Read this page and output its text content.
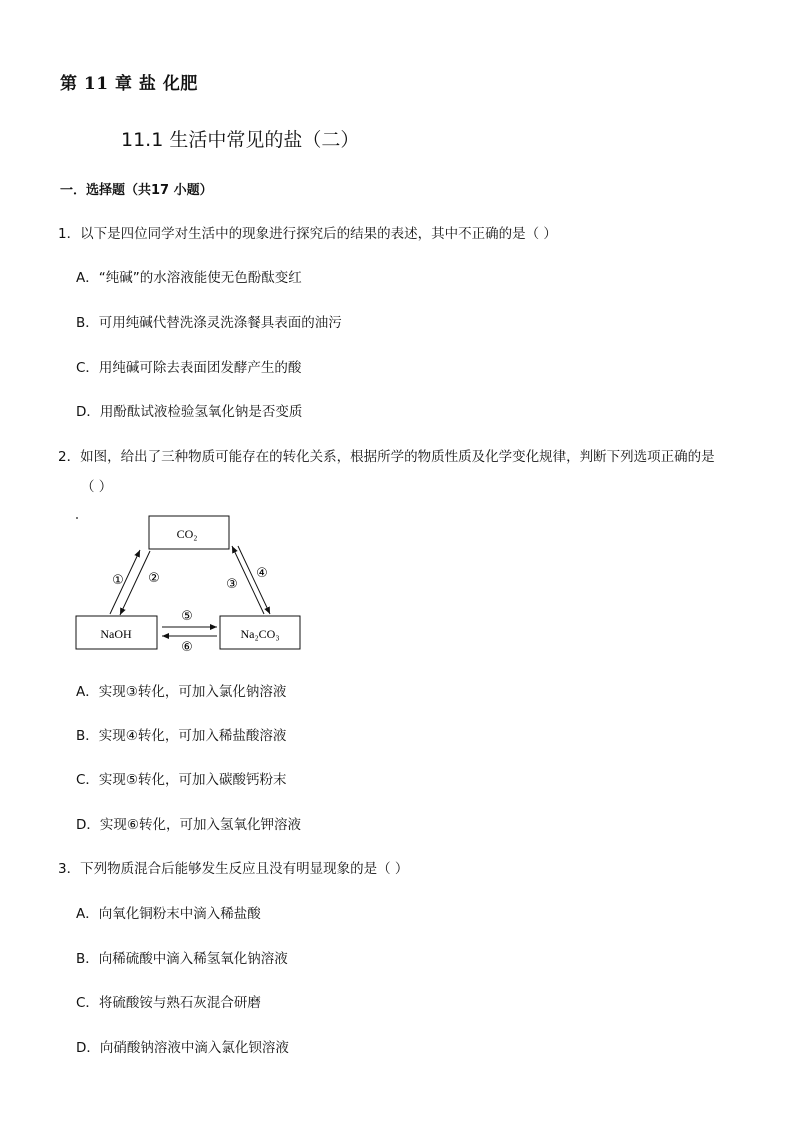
第 11 章 盐 化肥
11.1 生活中常见的盐（二）
一．选择题（共17 小题）
1．以下是四位同学对生活中的现象进行探究后的结果的表述，其中不正确的是（ ）
A．“纯碱”的水溶液能使无色酚酞变红
B．可用纯碱代替洗涤灵洗涤餐具表面的油污
C．用纯碱可除去表面团发酵产生的酸
D．用酚酞试液检验氢氧化钠是否变质
2．如图，给出了三种物质可能存在的转化关系，根据所学的物质性质及化学变化规律，判断下列选项正确的是
（ ）
CO₂
NaOH	Na₂CO₃
① ②	③
④
⑤
⑥
A．实现③转化，可加入氯化钠溶液
B．实现④转化，可加入稀盐酸溶液
C．实现⑤转化，可加入碳酸钙粉末
D．实现⑥转化，可加入氢氧化钾溶液
3．下列物质混合后能够发生反应且没有明显现象的是（ ）
A．向氧化铜粉末中滴入稀盐酸
B．向稀硫酸中滴入稀氢氧化钠溶液
C．将硫酸铵与熟石灰混合研磨
D．向硝酸钠溶液中滴入氯化钡溶液
